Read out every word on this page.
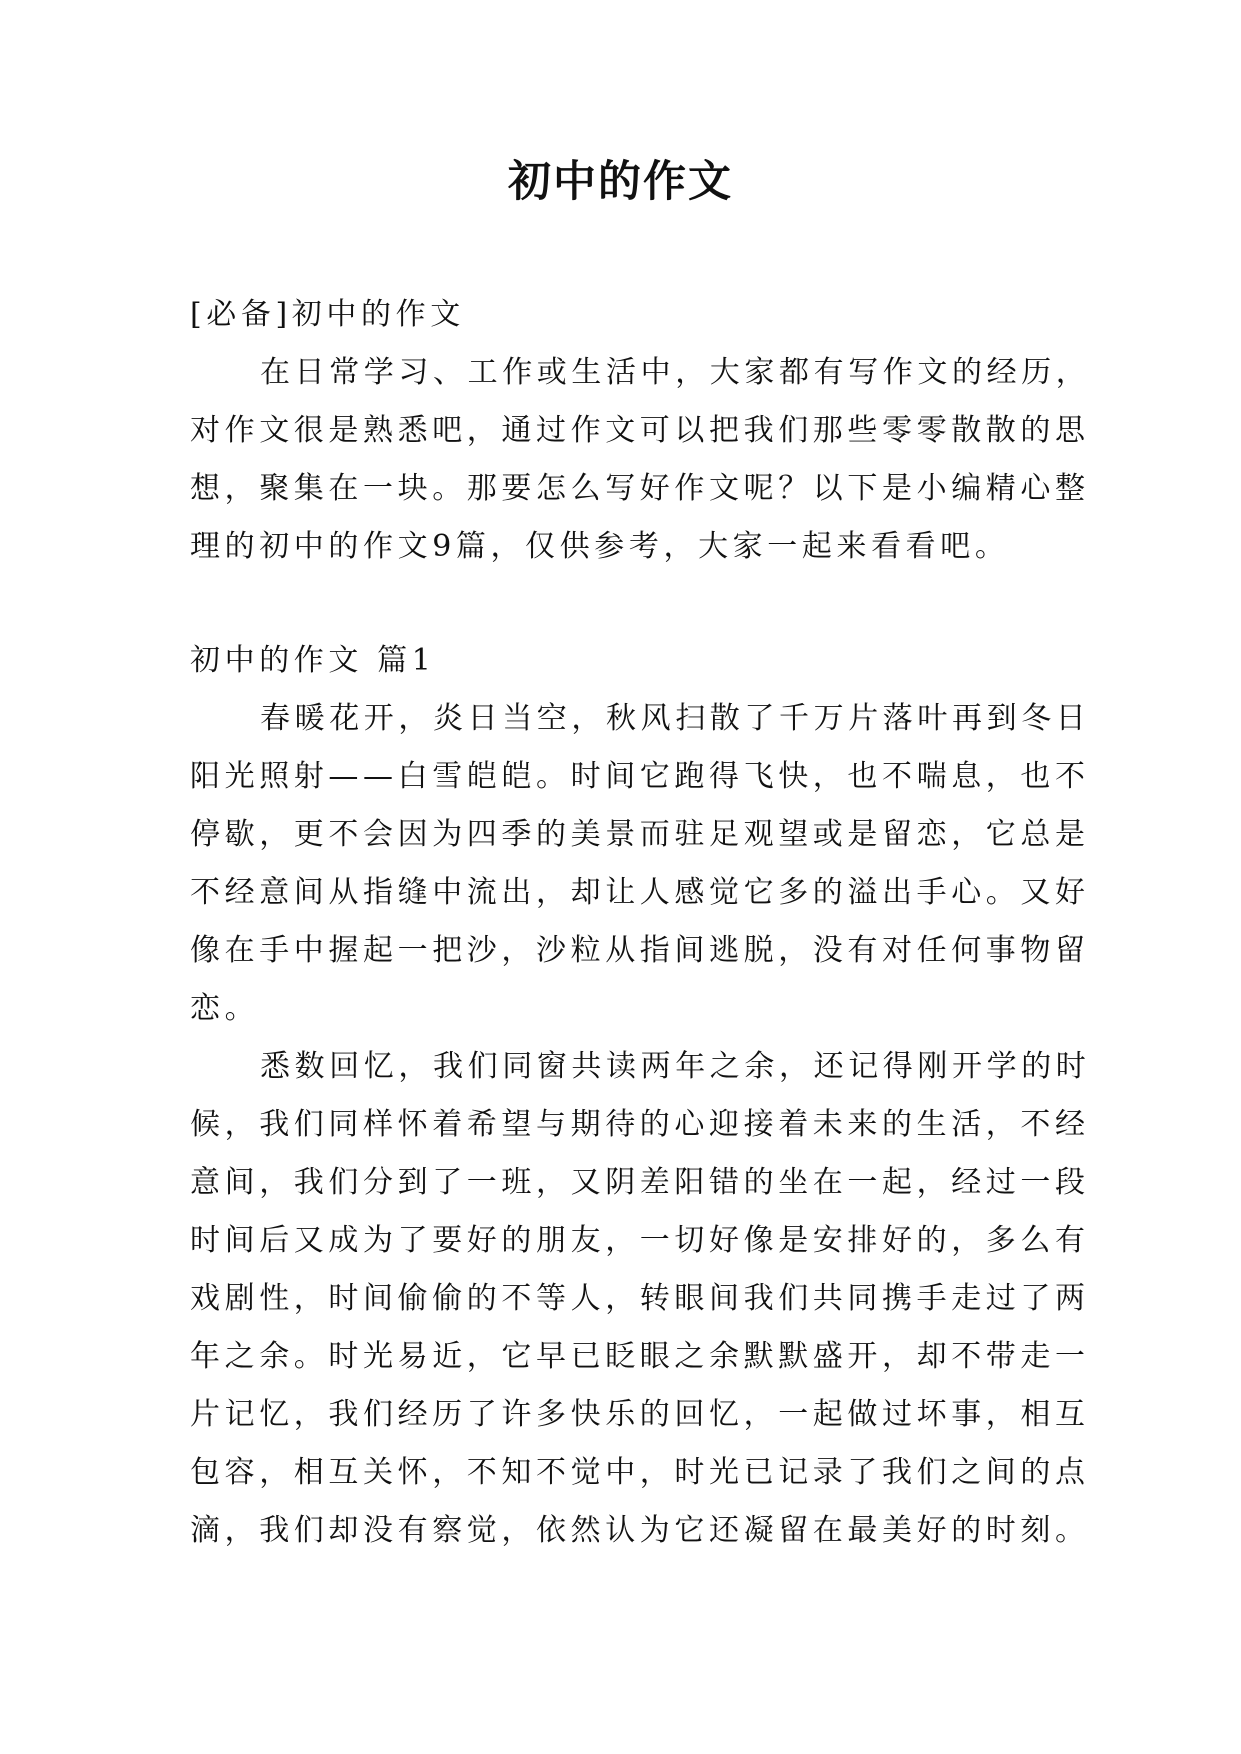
初中的作文
[必备]初中的作文
在日常学习、工作或生活中，大家都有写作文的经历，
对作文很是熟悉吧，通过作文可以把我们那些零零散散的思
想，聚集在一块。那要怎么写好作文呢？以下是小编精心整
理的初中的作文9篇，仅供参考，大家一起来看看吧。
初中的作文 篇1
春暖花开，炎日当空，秋风扫散了千万片落叶再到冬日
阳光照射——白雪皑皑。时间它跑得飞快，也不喘息，也不
停歇，更不会因为四季的美景而驻足观望或是留恋，它总是
不经意间从指缝中流出，却让人感觉它多的溢出手心。又好
像在手中握起一把沙，沙粒从指间逃脱，没有对任何事物留
恋。
悉数回忆，我们同窗共读两年之余，还记得刚开学的时
候，我们同样怀着希望与期待的心迎接着未来的生活，不经
意间，我们分到了一班，又阴差阳错的坐在一起，经过一段
时间后又成为了要好的朋友，一切好像是安排好的，多么有
戏剧性，时间偷偷的不等人，转眼间我们共同携手走过了两
年之余。时光易近，它早已眨眼之余默默盛开，却不带走一
片记忆，我们经历了许多快乐的回忆，一起做过坏事，相互
包容，相互关怀，不知不觉中，时光已记录了我们之间的点
滴，我们却没有察觉，依然认为它还凝留在最美好的时刻。
